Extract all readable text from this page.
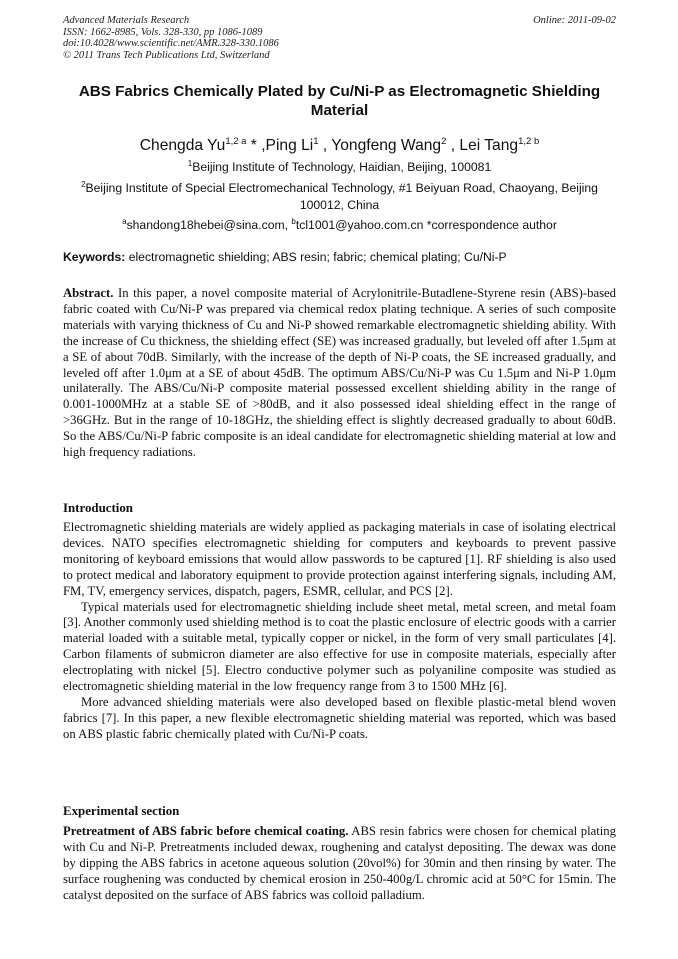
Advanced Materials Research
ISSN: 1662-8985, Vols. 328-330, pp 1086-1089
doi:10.4028/www.scientific.net/AMR.328-330.1086
© 2011 Trans Tech Publications Ltd, Switzerland
Online: 2011-09-02
ABS Fabrics Chemically Plated by Cu/Ni-P as Electromagnetic Shielding
Material
Chengda $Yu^{1,2 a}$ * ,Ping Li$^1$ , Yongfeng Wang$^2$ , Lei Tang$^{1,2 b}$
$^1$Beijing Institute of Technology, Haidian, Beijing, 100081
$^2$Beijing Institute of Special Electromechanical Technology, #1 Beiyuan Road, Chaoyang, Beijing
100012, China
$^a$shandong18hebei@sina.com, $^b$tcl1001@yahoo.com.cn *correspondence author
Keywords: electromagnetic shielding; ABS resin; fabric; chemical plating; Cu/Ni-P
Abstract. In this paper, a novel composite material of Acrylonitrile-Butadlene-Styrene resin (ABS)-based fabric coated with Cu/Ni-P was prepared via chemical redox plating technique. A series of such composite materials with varying thickness of Cu and Ni-P showed remarkable electromagnetic shielding ability. With the increase of Cu thickness, the shielding effect (SE) was increased gradually, but leveled off after 1.5μm at a SE of about 70dB. Similarly, with the increase of the depth of Ni-P coats, the SE increased gradually, and leveled off after 1.0μm at a SE of about 45dB. The optimum ABS/Cu/Ni-P was Cu 1.5μm and Ni-P 1.0μm unilaterally. The ABS/Cu/Ni-P composite material possessed excellent shielding ability in the range of 0.001-1000MHz at a stable SE of >80dB, and it also possessed ideal shielding effect in the range of >36GHz. But in the range of 10-18GHz, the shielding effect is slightly decreased gradually to about 60dB. So the ABS/Cu/Ni-P fabric composite is an ideal candidate for electromagnetic shielding material at low and high frequency radiations.
Introduction
Electromagnetic shielding materials are widely applied as packaging materials in case of isolating electrical devices. NATO specifies electromagnetic shielding for computers and keyboards to prevent passive monitoring of keyboard emissions that would allow passwords to be captured [1]. RF shielding is also used to protect medical and laboratory equipment to provide protection against interfering signals, including AM, FM, TV, emergency services, dispatch, pagers, ESMR, cellular, and PCS [2].
Typical materials used for electromagnetic shielding include sheet metal, metal screen, and metal foam [3]. Another commonly used shielding method is to coat the plastic enclosure of electric goods with a carrier material loaded with a suitable metal, typically copper or nickel, in the form of very small particulates [4]. Carbon filaments of submicron diameter are also effective for use in composite materials, especially after electroplating with nickel [5]. Electro conductive polymer such as polyaniline composite was studied as electromagnetic shielding material in the low frequency range from 3 to 1500 MHz [6].
More advanced shielding materials were also developed based on flexible plastic-metal blend woven fabrics [7]. In this paper, a new flexible electromagnetic shielding material was reported, which was based on ABS plastic fabric chemically plated with Cu/Ni-P coats.
Experimental section
Pretreatment of ABS fabric before chemical coating. ABS resin fabrics were chosen for chemical plating with Cu and Ni-P. Pretreatments included dewax, roughening and catalyst depositing. The dewax was done by dipping the ABS fabrics in acetone aqueous solution (20vol%) for 30min and then rinsing by water. The surface roughening was conducted by chemical erosion in 250-400g/L chromic acid at 50°C for 15min. The catalyst deposited on the surface of ABS fabrics was colloid palladium.
